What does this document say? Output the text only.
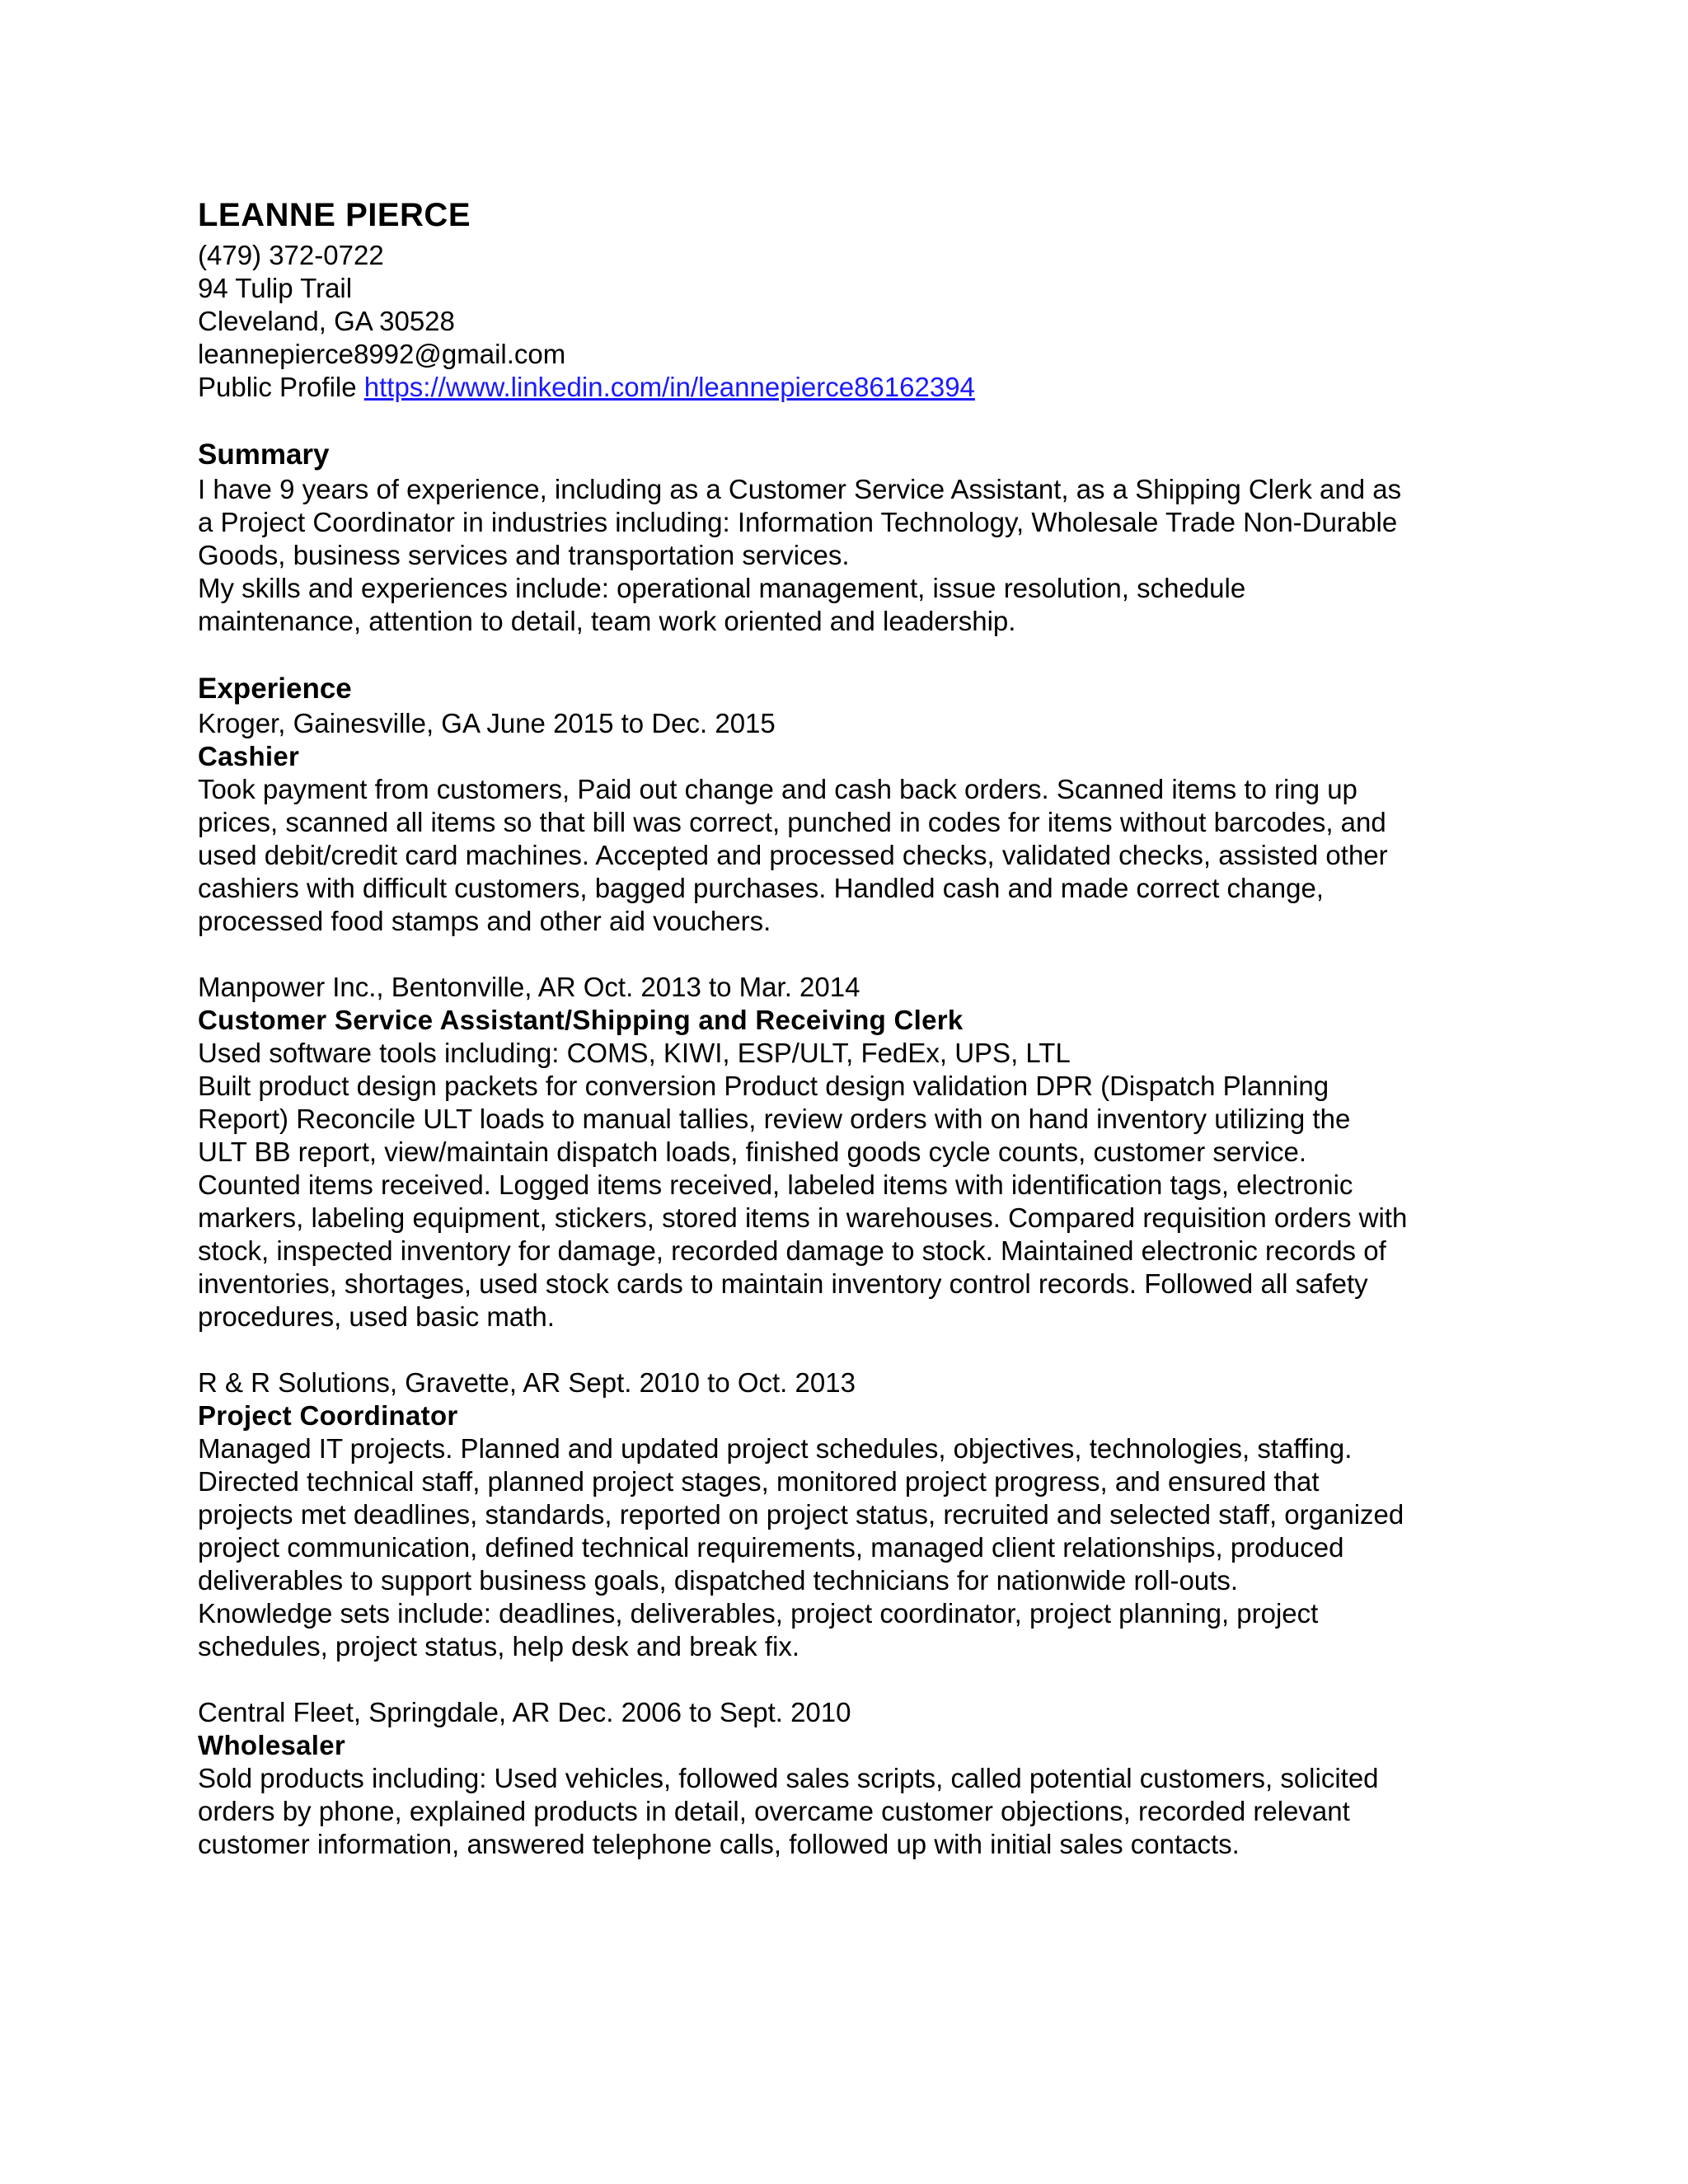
LEANNE PIERCE

(479) 372-0722

94 Tulip Trail

Cleveland, GA 30528

leannepierce8992@gmail.com

Public Profile https://www.linkedin.com/in/leannepierce86162394

Summary

I have 9 years of experience, including as a Customer Service Assistant, as a Shipping Clerk and as

a Project Coordinator in industries including: Information Technology, Wholesale Trade Non-Durable

Goods, business services and transportation services.

My skills and experiences include: operational management, issue resolution, schedule

maintenance, attention to detail, team work oriented and leadership.

Experience

Kroger, Gainesville, GA June 2015 to Dec. 2015

Cashier

Took payment from customers, Paid out change and cash back orders. Scanned items to ring up

prices, scanned all items so that bill was correct, punched in codes for items without barcodes, and

used debit/credit card machines. Accepted and processed checks, validated checks, assisted other

cashiers with difficult customers, bagged purchases. Handled cash and made correct change,

processed food stamps and other aid vouchers.

Manpower Inc., Bentonville, AR Oct. 2013 to Mar. 2014

Customer Service Assistant/Shipping and Receiving Clerk

Used software tools including: COMS, KIWI, ESP/ULT, FedEx, UPS, LTL

Built product design packets for conversion Product design validation DPR (Dispatch Planning

Report) Reconcile ULT loads to manual tallies, review orders with on hand inventory utilizing the

ULT BB report, view/maintain dispatch loads, finished goods cycle counts, customer service.

Counted items received. Logged items received, labeled items with identification tags, electronic

markers, labeling equipment, stickers, stored items in warehouses. Compared requisition orders with

stock, inspected inventory for damage, recorded damage to stock. Maintained electronic records of

inventories, shortages, used stock cards to maintain inventory control records. Followed all safety

procedures, used basic math.

R & R Solutions, Gravette, AR Sept. 2010 to Oct. 2013

Project Coordinator

Managed IT projects. Planned and updated project schedules, objectives, technologies, staffing.

Directed technical staff, planned project stages, monitored project progress, and ensured that

projects met deadlines, standards, reported on project status, recruited and selected staff, organized

project communication, defined technical requirements, managed client relationships, produced

deliverables to support business goals, dispatched technicians for nationwide roll-outs.

Knowledge sets include: deadlines, deliverables, project coordinator, project planning, project

schedules, project status, help desk and break fix.

Central Fleet, Springdale, AR Dec. 2006 to Sept. 2010

Wholesaler

Sold products including: Used vehicles, followed sales scripts, called potential customers, solicited

orders by phone, explained products in detail, overcame customer objections, recorded relevant

customer information, answered telephone calls, followed up with initial sales contacts.
